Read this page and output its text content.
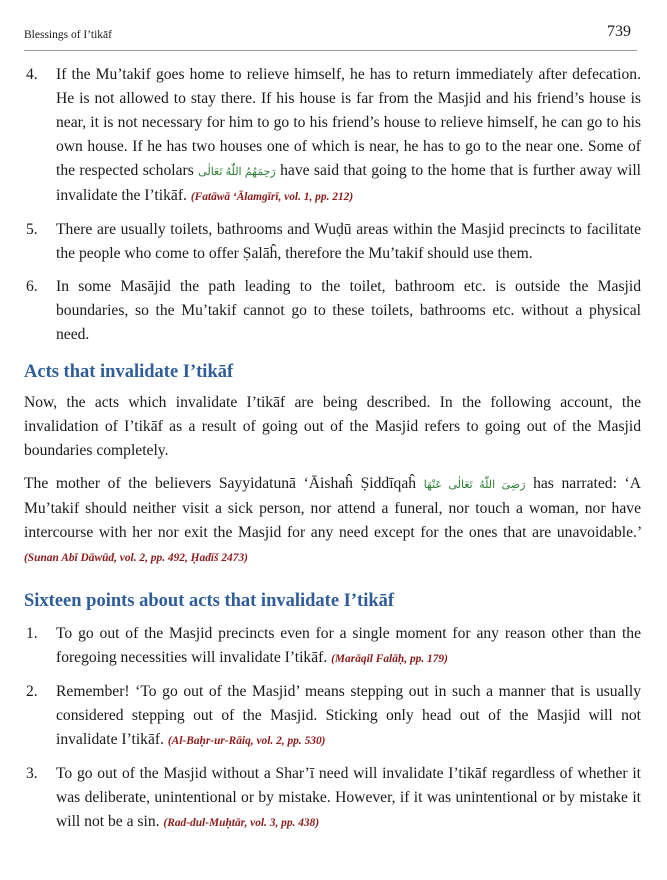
Blessings of I’tikāf	739
4. If the Mu’takif goes home to relieve himself, he has to return immediately after defecation. He is not allowed to stay there. If his house is far from the Masjid and his friend’s house is near, it is not necessary for him to go to his friend’s house to relieve himself, he can go to his own house. If he has two houses one of which is near, he has to go to the near one. Some of the respected scholars رَحِمَهُمُ اللّٰهُ تَعَالٰی have said that going to the home that is further away will invalidate the I’tikāf. (Fatāwā ‘Ālamgīrī, vol. 1, pp. 212)
5. There are usually toilets, bathrooms and Wuḍū areas within the Masjid precincts to facilitate the people who come to offer Ṣalāĥ, therefore the Mu’takif should use them.
6. In some Masājid the path leading to the toilet, bathroom etc. is outside the Masjid boundaries, so the Mu’takif cannot go to these toilets, bathrooms etc. without a physical need.
Acts that invalidate I’tikāf

Now, the acts which invalidate I’tikāf are being described. In the following account, the invalidation of I’tikāf as a result of going out of the Masjid refers to going out of the Masjid boundaries completely.

The mother of the believers Sayyidatunā ‘Āishaĥ Ṣiddīqaĥ رَضِیَ اللّٰهُ تَعَالٰی عَنْهَا has narrated: ‘A Mu’takif should neither visit a sick person, nor attend a funeral, nor touch a woman, nor have intercourse with her nor exit the Masjid for any need except for the ones that are unavoidable.’ (Sunan Abī Dāwūd, vol. 2, pp. 492, Ḥadīš 2473)

Sixteen points about acts that invalidate I’tikāf
1. To go out of the Masjid precincts even for a single moment for any reason other than the foregoing necessities will invalidate I’tikāf. (Marāqil Falāḥ, pp. 179)
2. Remember! ‘To go out of the Masjid’ means stepping out in such a manner that is usually considered stepping out of the Masjid. Sticking only head out of the Masjid will not invalidate I’tikāf. (Al-Baḥr-ur-Rāiq, vol. 2, pp. 530)
3. To go out of the Masjid without a Shar’ī need will invalidate I’tikāf regardless of whether it was deliberate, unintentional or by mistake. However, if it was unintentional or by mistake it will not be a sin. (Rad-dul-Muḥtār, vol. 3, pp. 438)
